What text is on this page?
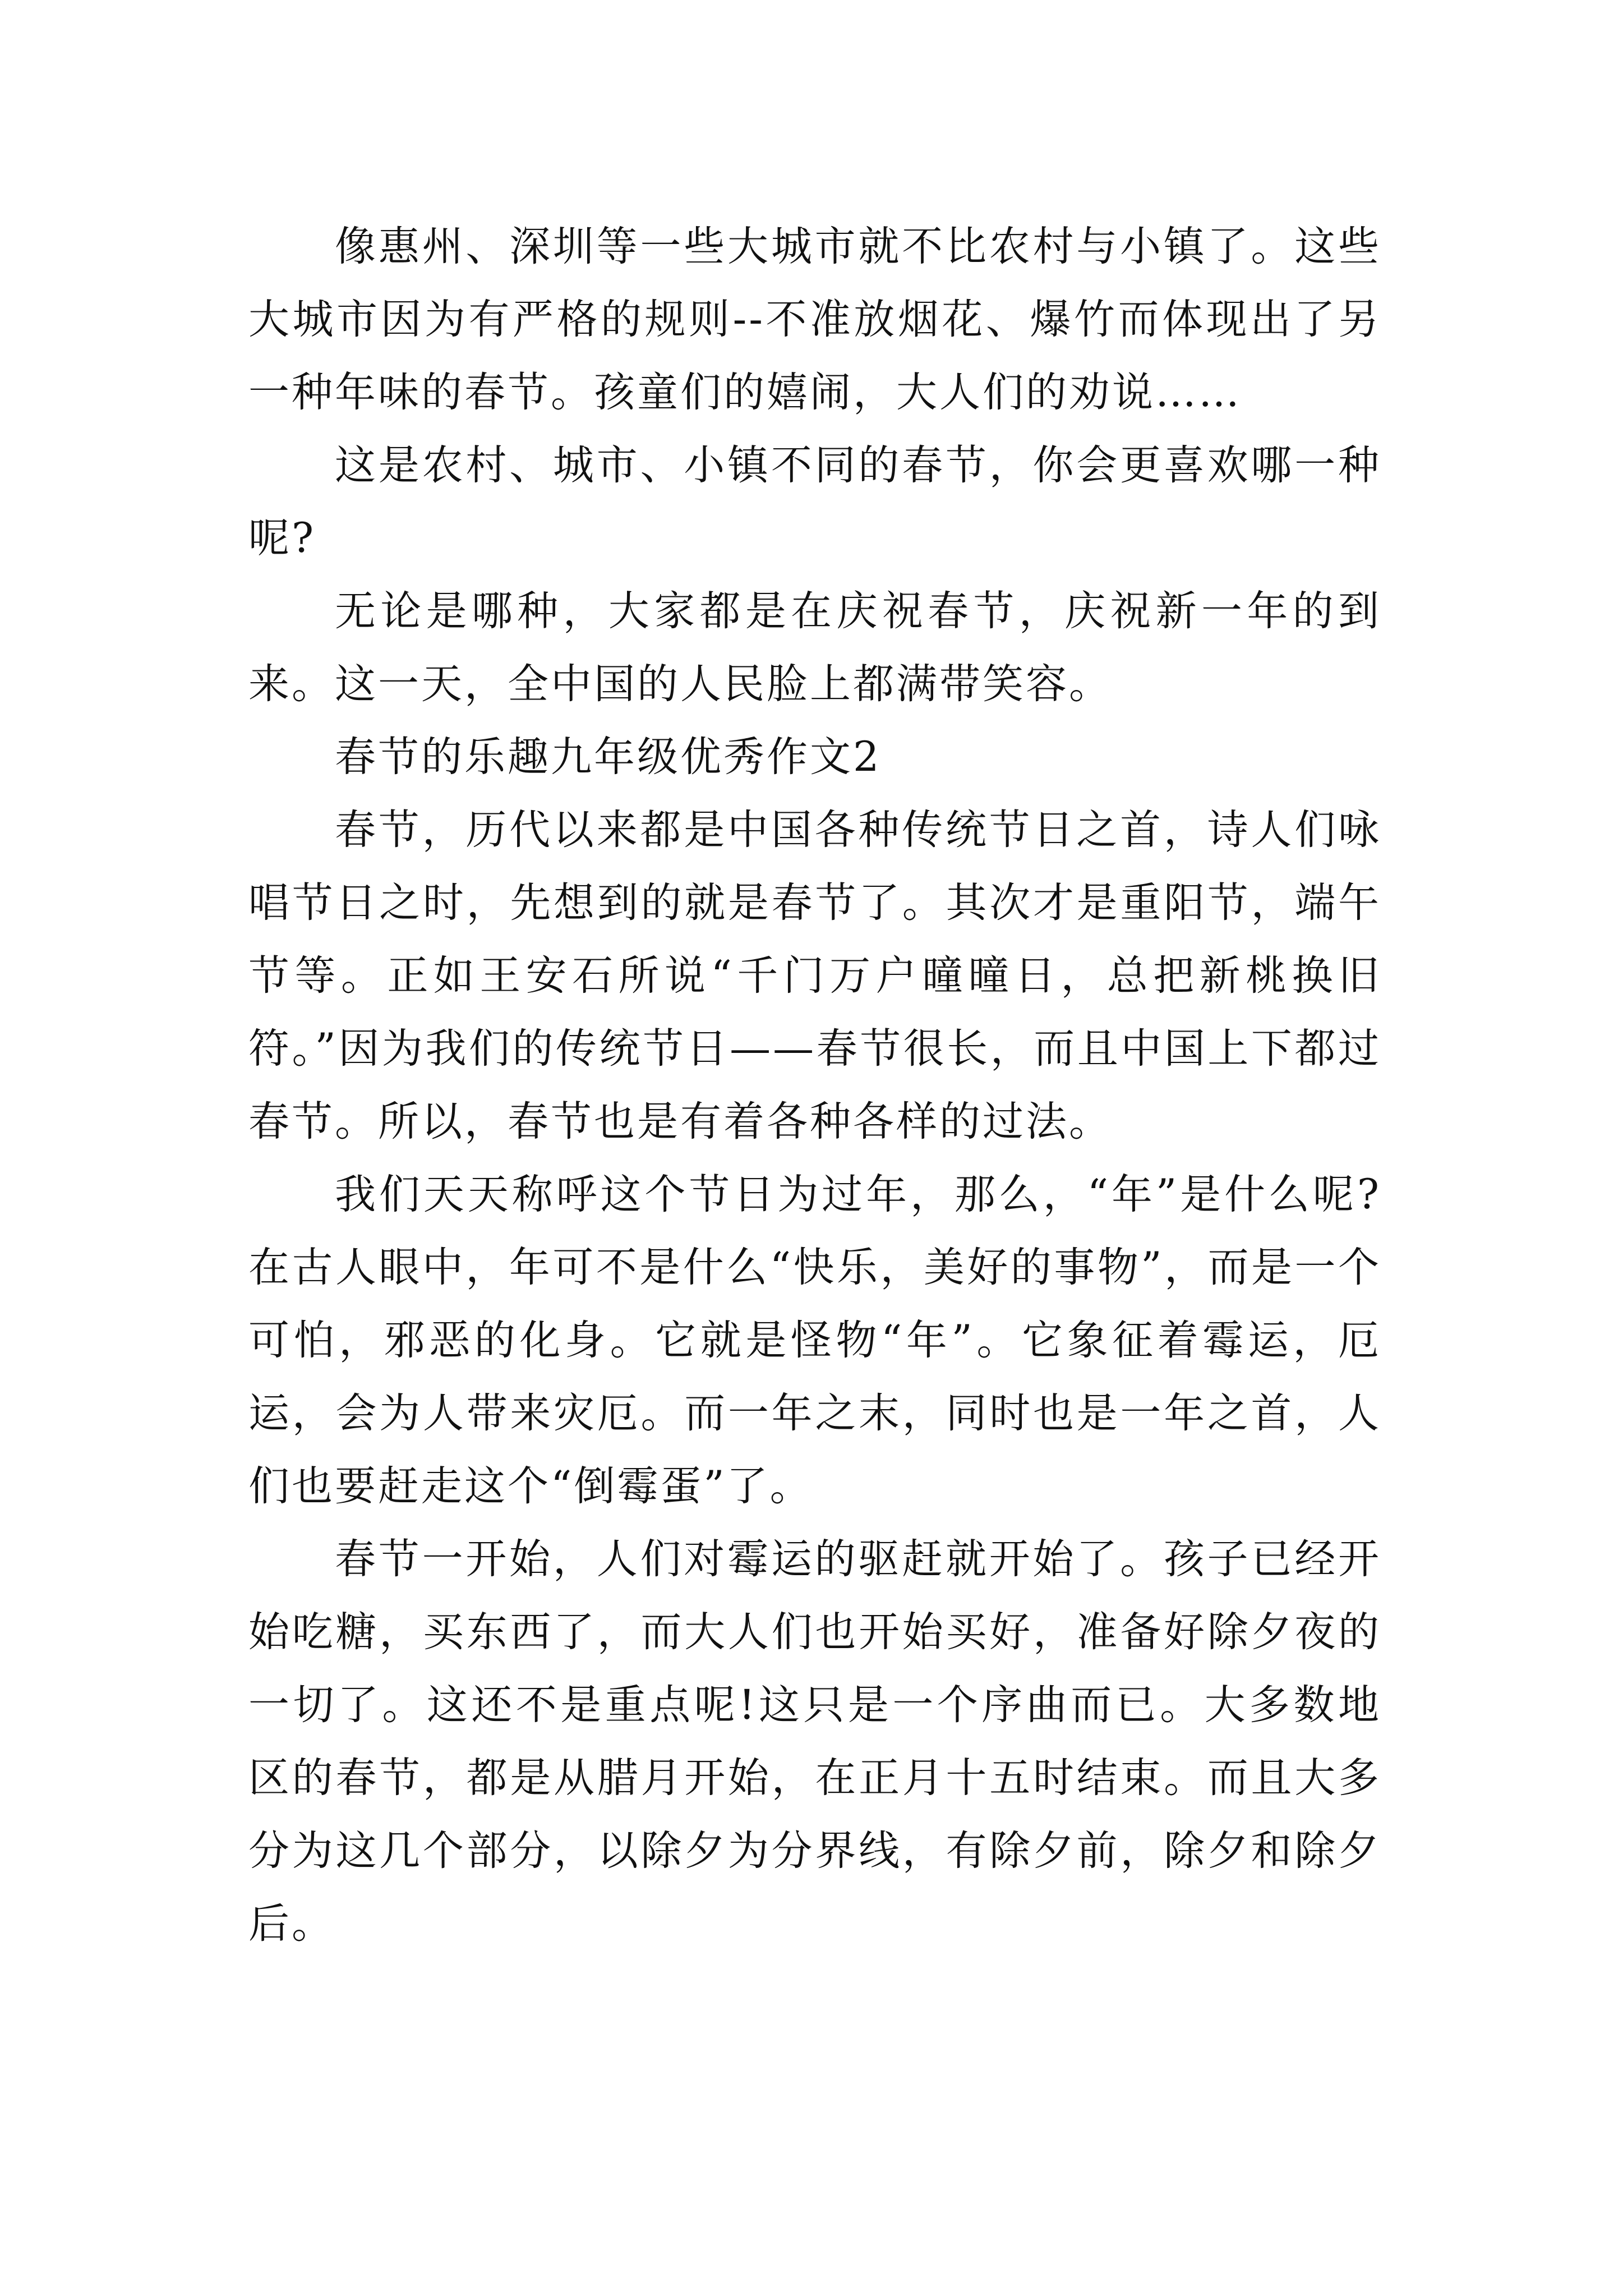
像惠州、深圳等一些大城市就不比农村与小镇了。这些大城市因为有严格的规则--不准放烟花、爆竹而体现出了另一种年味的春节。孩童们的嬉闹，大人们的劝说……

这是农村、城市、小镇不同的春节，你会更喜欢哪一种呢?

无论是哪种，大家都是在庆祝春节，庆祝新一年的到来。这一天，全中国的人民脸上都满带笑容。

春节的乐趣九年级优秀作文2

春节，历代以来都是中国各种传统节日之首，诗人们咏唱节日之时，先想到的就是春节了。其次才是重阳节，端午节等。正如王安石所说“千门万户曈曈日，总把新桃换旧符。”因为我们的传统节日——春节很长，而且中国上下都过春节。所以，春节也是有着各种各样的过法。

我们天天称呼这个节日为过年，那么，“年”是什么呢?在古人眼中，年可不是什么“快乐，美好的事物”，而是一个可怕，邪恶的化身。它就是怪物“年”。它象征着霉运，厄运，会为人带来灾厄。而一年之末，同时也是一年之首，人们也要赶走这个“倒霉蛋”了。

春节一开始，人们对霉运的驱赶就开始了。孩子已经开始吃糖，买东西了，而大人们也开始买好，准备好除夕夜的一切了。这还不是重点呢!这只是一个序曲而已。大多数地区的春节，都是从腊月开始，在正月十五时结束。而且大多分为这几个部分，以除夕为分界线，有除夕前，除夕和除夕后。
